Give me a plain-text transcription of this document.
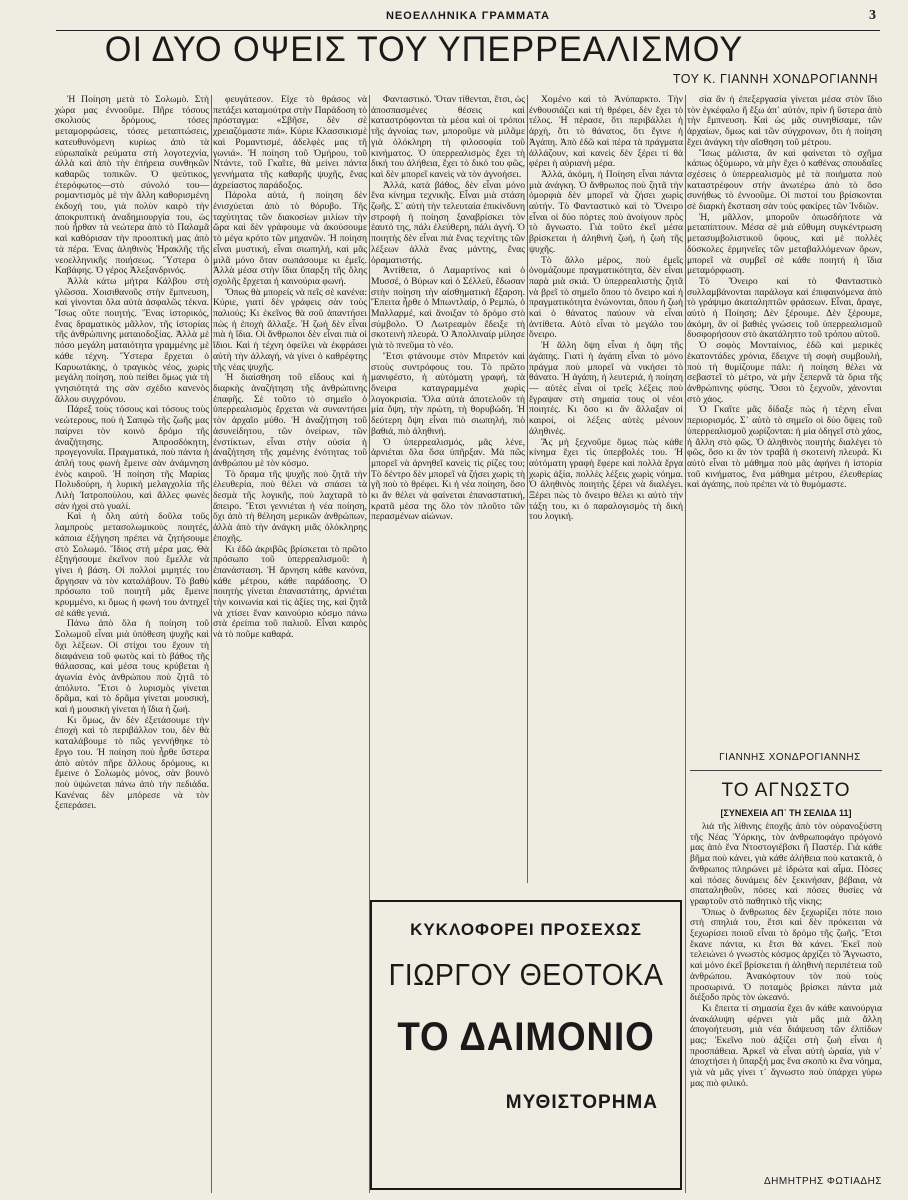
ΝΕΟΕΛΛΗΝΙΚΑ ΓΡΑΜΜΑΤΑ	3
ΟΙ ΔΥΟ ΟΨΕΙΣ ΤΟΥ ΥΠΕΡΡΕΑΛΙΣΜΟΥ
ΤΟΥ Κ. ΓΙΑΝΝΗ ΧΟΝΔΡΟΓΙΑΝΝΗ

Ἡ Ποίηση μετὰ τὸ Σολωμὸ. Στὴ χώρα μας ἐννοοῦμε. Πῆρε τόσους σκολιοὺς δρόμους, τόσες μεταμορφώσεις, τόσες μεταπτώσεις, κατευθυνόμενη κυρίως ἀπὸ τὰ εὐρωπαϊκὰ ρεύματα στὴ λογοτεχνία, ἀλλὰ καὶ ἀπὸ τὴν ἐπήρεια συνθηκῶν καθαρῶς τοπικῶν. Ὁ ψεύτικος, ἑτερόφωτος—στὸ σύνολό του—ρομαντισμὸς μὲ τὴν ἄλλη καθορισμένη ἐκδοχή του, γιὰ πολὺν καιρὸ τὴν ἀποκρυπτικὴ ἀναδημιουργία του, ὡς ποὺ ἦρθαν τὰ νεώτερα ἀπὸ τὸ Παλαμᾶ καὶ καθόρισαν τὴν προοπτική μας ἀπὸ τὰ πέρα. Ἐνας ἀληθινὸς Ἡρακλῆς τῆς νεοελληνικῆς ποιήσεως. Ὕστερα ὁ Καβάφης. Ὁ γέρος Ἀλεξανδρινός.

Ἀλλὰ κάτω μήτρα Κάλβου στὴ γλῶσσα. Χοισιθανοῦς στὴν ἔμπνευση, καὶ γίνονται ὅλα αὐτὰ ἀσφαλῶς τέκνα. Ἴσως οὔτε ποιητής. Ἕνας ἱστορικός, ἕνας δραματικὸς μᾶλλον, τῆς ἱστορίας τῆς ἀνθρώπινης ματαιοδοξίας. Ἀλλὰ μὲ πόσο μεγάλη ματαιότητα γραμμένης μὲ κάθε τέχνη. Ὕστερα ἔρχεται ὁ Καρυωτάκης, ὁ τραγικὸς νέος, χωρὶς μεγάλη ποίηση, ποὺ πείθει ὅμως γιὰ τὴ γνησιότητά της σὰν σχέδιο κανενὸς ἄλλου συγχρόνου.

Πάρεξ τοὺς τόσους καὶ τόσους τοὺς νεώτερους, ποὺ ἡ Σαπφὼ τῆς ζωῆς μας παίρνει τὸν κοινὸ δρόμο τῆς ἀναζήτησης. Ἀπροσδόκητη, προγεγονυῖα. Πραγματικά, ποὺ πάντα ἡ ἀπλή τους φωνὴ ἔμεινε σὰν ἀνάμνηση ἑνὸς καιροῦ. Ἡ ποίηση τῆς Μαρίας Πολυδούρη, ἡ λυρικὴ μελαγχολία τῆς Λιλὴ Ἰατροπούλου, καὶ ἄλλες φωνὲς σὰν ἡχοὶ στὸ γυαλί.

Καὶ ἡ ὅλη αὐτὴ δοῦλα τοῦς λαμπροὺς μετασολωμικοὺς ποιητές, κάποια ἐξήγηση πρέπει νὰ ζητήσουμε στὸ Σολωμό. Ἴδιος στὴ μέρα μας. Θὰ ἐξηγήσουμε ἐκεῖνον ποὺ ἔμελλε νὰ γίνει ἡ βάση. Οἱ πολλοὶ μιμητές του ἄργησαν νὰ τὸν καταλάβουν. Τὸ βαθὺ πρόσωπο τοῦ ποιητῆ μᾶς ἔμεινε κρυμμένο, κι ὅμως ἡ φωνή του ἀντηχεῖ σὲ κάθε γενιά.

Πάνω ἀπὸ ὅλα ἡ ποίηση τοῦ Σολωμοῦ εἶναι μιὰ ὑπόθεση ψυχῆς καὶ ὄχι λέξεων. Οἱ στίχοι του ἔχουν τὴ διαφάνεια τοῦ φωτὸς καὶ τὸ βάθος τῆς θάλασσας, καὶ μέσα τους κρύβεται ἡ ἀγωνία ἑνὸς ἀνθρώπου ποὺ ζητᾶ τὸ ἀπόλυτο. Ἔτσι ὁ λυρισμὸς γίνεται δρᾶμα, καὶ τὸ δρᾶμα γίνεται μουσική, καὶ ἡ μουσικὴ γίνεται ἡ ἴδια ἡ ζωή.

Κι ὅμως, ἂν δὲν ἐξετάσουμε τὴν ἐποχὴ καὶ τὸ περιβάλλον του, δὲν θὰ καταλάβουμε τὸ πῶς γεννήθηκε τὸ ἔργο του. Ἡ ποίηση ποὺ ἦρθε ὕστερα ἀπὸ αὐτόν πῆρε ἄλλους δρόμους, κι ἔμεινε ὁ Σολωμὸς μόνος, σὰν βουνὸ ποὺ ὑψώνεται πάνω ἀπὸ τὴν πεδιάδα. Κανένας δὲν μπόρεσε νὰ τὸν ξεπεράσει.

φευγάτεσον. Εἶχε τὸ θράσος νὰ πετάξει καταμούτρα στὴν Παράδοση τὸ πρόσταγμα: «Σβῆσε, δὲν σὲ χρειαζόμαστε πιά». Κύριε Κλασσικισμὲ καὶ Ρομαντισμέ, ἀδελφὲς μας τῆ γωνιά». Ἡ ποίηση τοῦ Ὀμήρου, τοῦ Ντάντε, τοῦ Γκαῖτε, θὰ μείνει πάντα γεννήματα τῆς καθαρῆς ψυχῆς, ἕνας ἀχρείαστος παράδοξος.

Πάρολα αὐτά, ἡ ποίηση δὲν ἐνισχύεται ἀπὸ τὸ θόρυβο. Τῆς ταχύτητας τῶν διακοσίων μιλίων τὴν ὥρα καὶ δὲν γράφουμε νὰ ἀκούσουμε τὸ μέγα κρότο τῶν μηχανῶν. Ἡ ποίηση εἶναι μυστική, εἶναι σιωπηλή, καὶ μᾶς μιλᾶ μόνο ὅταν σωπάσουμε κι ἐμεῖς. Ἀλλὰ μέσα στὴν ἴδια ὕπαρξη τῆς ὅλης σχολῆς ἔρχεται ἡ καινούρια φωνή.

Ὅπως θὰ μπορείς νὰ πεῖς σὲ κανένα: Κύριε, γιατί δὲν γράφεις σὰν τοὺς παλιούς; Κι ἐκεῖνος θὰ σοῦ ἀπαντήσει πὼς ἡ ἐποχὴ ἄλλαξε. Ἡ ζωὴ δὲν εἶναι πιὰ ἡ ἴδια. Οἱ ἄνθρωποι δὲν εἶναι πιὰ οἱ ἴδιοι. Καὶ ἡ τέχνη ὀφείλει νὰ ἐκφράσει αὐτὴ τὴν ἀλλαγή, νὰ γίνει ὁ καθρέφτης τῆς νέας ψυχῆς.

Ἡ διαίσθηση τοῦ εἴδους καὶ ἡ διαρκὴς ἀναζήτηση τῆς ἀνθρώπινης ἐπαφῆς. Σὲ τοῦτο τὸ σημεῖο ὁ ὑπερρεαλισμὸς ἔρχεται νὰ συναντήσει τὸν ἀρχαῖο μύθο. Ἡ ἀναζήτηση τοῦ ἀσυνείδητου, τῶν ὀνείρων, τῶν ἐνστίκτων, εἶναι στὴν οὐσία ἡ ἀναζήτηση τῆς χαμένης ἑνότητας τοῦ ἀνθρώπου μὲ τὸν κόσμο.

Τὸ ὅραμα τῆς ψυχῆς ποὺ ζητᾶ τὴν ἐλευθερία, ποὺ θέλει νὰ σπάσει τὰ δεσμὰ τῆς λογικῆς, ποὺ λαχταρᾶ τὸ ἄπειρο. Ἔτσι γεννιέται ἡ νέα ποίηση, ὄχι ἀπὸ τὴ θέληση μερικῶν ἀνθρώπων, ἀλλὰ ἀπὸ τὴν ἀνάγκη μιᾶς ὁλόκληρης ἐποχῆς.

Κι ἐδῶ ἀκριβῶς βρίσκεται τὸ πρῶτο πρόσωπο τοῦ ὑπερρεαλισμοῦ: ἡ ἐπανάσταση. Ἡ ἄρνηση κάθε κανόνα, κάθε μέτρου, κάθε παράδοσης. Ὁ ποιητὴς γίνεται ἐπαναστάτης, ἀρνιέται τὴν κοινωνία καὶ τὶς ἀξίες της, καὶ ζητᾶ νὰ χτίσει ἕναν καινούριο κόσμο πάνω στὰ ἐρείπια τοῦ παλιοῦ. Εἶναι καιρὸς νὰ τὸ ποῦμε καθαρά.

Φανταστικό. Ὅταν τίθενται, ἔτσι, ὡς ἀποσπασμένες θέσεις καὶ καταστρόφονται τὰ μέσα καὶ οἱ τρόποι τῆς ἀγνοίας των, μποροῦμε νὰ μιλᾶμε γιὰ ὁλόκληρη τὴ φιλοσοφία τοῦ κινήματος. Ὁ ὑπερρεαλισμὸς ἔχει τὴ δική του ἀλήθεια, ἔχει τὸ δικό του φῶς, καὶ δὲν μπορεῖ κανεὶς νὰ τὸν ἀγνοήσει.

Ἀλλά, κατὰ βάθος, δὲν εἶναι μόνο ἕνα κίνημα τεχνικῆς. Εἶναι μιὰ στάση ζωῆς. Σ᾽ αὐτὴ τὴν τελευταία ἐπικίνδυνη στροφὴ ἡ ποίηση ξαναβρίσκει τὸν ἑαυτό της, πάλι ἐλεύθερη, πάλι ἀγνή. Ὁ ποιητὴς δὲν εἶναι πιὰ ἕνας τεχνίτης τῶν λέξεων ἀλλὰ ἕνας μάντης, ἕνας ὁραματιστής.

Ἀντίθετα, ὁ Λαμαρτίνος καὶ ὁ Μυσσέ, ὁ Βύρων καὶ ὁ Σέλλεϋ, ἔδωσαν στὴν ποίηση τὴν αἰσθηματικὴ ἔξαρση. Ἔπειτα ἦρθε ὁ Μπωντλαίρ, ὁ Ρεμπώ, ὁ Μαλλαρμέ, καὶ ἄνοιξαν τὸ δρόμο στὸ σύμβολο. Ὁ Λωτρεαμὸν ἔδειξε τὴ σκοτεινὴ πλευρά. Ὁ Ἀπολλιναίρ μίλησε γιὰ τὸ πνεῦμα τὸ νέο.

Ἔτσι φτάνουμε στὸν Μπρετόν καὶ στοὺς συντρόφους του. Τὸ πρῶτο μανιφέστο, ἡ αὐτόματη γραφή, τὰ ὄνειρα καταγραμμένα χωρὶς λογοκρισία. Ὅλα αὐτὰ ἀποτελοῦν τὴ μία ὄψη, τὴν πρώτη, τὴ θορυβώδη. Ἡ δεύτερη ὄψη εἶναι πιὸ σιωπηλή, πιὸ βαθιά, πιὸ ἀληθινή.

Ὁ ὑπερρεαλισμός, μᾶς λένε, ἀρνιέται ὅλα ὅσα ὑπῆρξαν. Μὰ πῶς μπορεῖ νὰ ἀρνηθεῖ κανεὶς τὶς ρίζες του; Τὸ δέντρο δὲν μπορεῖ νὰ ζήσει χωρὶς τὴ γῆ ποὺ τὸ θρέφει. Κι ἡ νέα ποίηση, ὅσο κι ἂν θέλει νὰ φαίνεται ἐπαναστατική, κρατᾶ μέσα της ὅλο τὸν πλοῦτο τῶν περασμένων αἰώνων.

Χομένο καὶ τὸ Ἀνύπαρκτο. Τὴν ἐνθουσιάζει καὶ τὴ θρέφει, δὲν ἔχει τὸ τέλος. Ἡ πέρασε, ὅτι περιβάλλει ἡ ἀρχή, ὅτι τὸ θάνατος, ὅτι ἔγινε ἡ Ἀγάπη. Ἀπὸ ἐδῶ καὶ πέρα τὰ πράγματα ἀλλάζουν, καὶ κανεὶς δὲν ξέρει τί θὰ φέρει ἡ αὐριανὴ μέρα.

Ἀλλά, ἀκόμη, ἡ Ποίηση εἶναι πάντα μιὰ ἀνάγκη. Ὁ ἄνθρωπος ποὺ ζητᾶ τὴν ὀμορφιὰ δὲν μπορεῖ νὰ ζήσει χωρὶς αὐτήν. Τὸ Φανταστικὸ καὶ τὸ Ὄνειρο εἶναι οἱ δύο πόρτες ποὺ ἀνοίγουν πρὸς τὸ ἄγνωστο. Γιὰ τοῦτο ἐκεῖ μέσα βρίσκεται ἡ ἀληθινὴ ζωή, ἡ ζωὴ τῆς ψυχῆς.

Τὸ ἄλλο μέρος, ποὺ ἐμεῖς ὀνομάζουμε πραγματικότητα, δὲν εἶναι παρὰ μιὰ σκιά. Ὁ ὑπερρεαλιστὴς ζητᾶ νὰ βρεῖ τὸ σημεῖο ὅπου τὸ ὄνειρο καὶ ἡ πραγματικότητα ἑνώνονται, ὅπου ἡ ζωὴ καὶ ὁ θάνατος παύουν νὰ εἶναι ἀντίθετα. Αὐτὸ εἶναι τὸ μεγάλο του ὄνειρο.

Ἡ ἄλλη ὄψη εἶναι ἡ ὄψη τῆς ἀγάπης. Γιατὶ ἡ ἀγάπη εἶναι τὸ μόνο πράγμα ποὺ μπορεῖ νὰ νικήσει τὸ θάνατο. Ἡ ἀγάπη, ἡ λευτεριά, ἡ ποίηση — αὐτὲς εἶναι οἱ τρεῖς λέξεις ποὺ ἔγραψαν στὴ σημαία τους οἱ νέοι ποιητές. Κι ὅσο κι ἂν ἄλλαξαν οἱ καιροί, οἱ λέξεις αὐτὲς μένουν ἀληθινές.

Ἂς μὴ ξεχνοῦμε ὅμως πὼς κάθε κίνημα ἔχει τὶς ὑπερβολές του. Ἡ αὐτόματη γραφὴ ἔφερε καὶ πολλὰ ἔργα χωρὶς ἀξία, πολλὲς λέξεις χωρὶς νόημα. Ὁ ἀληθινὸς ποιητὴς ξέρει νὰ διαλέγει. Ξέρει πὼς τὸ ὄνειρο θέλει κι αὐτὸ τὴν τάξη του, κι ὁ παραλογισμὸς τὴ δική του λογική.

σία ἂν ἡ ἐπεξεργασία γίνεται μέσα στὸν ἴδιο τὸν ἐγκέφαλο ἢ ἔξω ἀπ᾽ αὐτόν, πρὶν ἢ ὕστερα ἀπὸ τὴν ἔμπνευση. Καὶ ὡς μᾶς συνηθίσαμε, τῶν ἀρχαίων, ὅμως καὶ τῶν σύγχρονων, ὅτι ἡ ποίηση ἔχει ἀνάγκη τὴν αἴσθηση τοῦ μέτρου.

Ἴσως μάλιστα, ἂν καὶ φαίνεται τὸ σχῆμα κάπως ὀξύμωρο, νὰ μὴν ἔχει ὁ καθένας σπουδαῖες σχέσεις ὁ ὑπερρεαλισμὸς μὲ τὰ ποιήματα ποὺ καταστρέφουν στὴν ἀνωτέρω ἀπὸ τὸ ὅσο συνήθως τὸ ἐννοοῦμε. Οἱ πιστοί του βρίσκονται σὲ διαρκὴ ἔκσταση σὰν τοὺς φακίρες τῶν Ἰνδιῶν.

Ἡ, μᾶλλον, μποροῦν ὁπωσδήποτε νὰ μεταπίπτουν. Μέσα σὲ μιὰ εὔθυμη συγκέντρωση μετασυμβολιστικοῦ ὕφους, καὶ μὲ πολλὲς δύσκολες ἑρμηνεῖες τῶν μεταβαλλόμενων ὅρων, μπορεῖ νὰ συμβεῖ σὲ κάθε ποιητή ἡ ἴδια μεταμόρφωση.

Τὸ Ὄνειρο καὶ τὸ Φανταστικὸ συλλαμβάνονται παράλογα καὶ ἐπιφαινόμενα ἀπὸ τὸ γράψιμο ἀκαταληπτῶν φράσεων. Εἶναι, ἄραγε, αὐτὸ ἡ Ποίηση; Δὲν ξέρουμε. Δὲν ξέρουμε, ἀκόμη, ἂν οἱ βαθιὲς γνώσεις τοῦ ὑπερρεαλισμοῦ δυσφορήσουν στὸ ἀκατάληπτο τοῦ τρόπου αὐτοῦ.

Ὁ σοφὸς Μονταίνιος, ἐδῶ καὶ μερικὲς ἑκατοντάδες χρόνια, ἔδειχνε τὴ σοφὴ συμβουλή, ποὺ τὴ θυμίζουμε πάλι: ἡ ποίηση θέλει νὰ σεβαστεῖ τὸ μέτρο, νὰ μὴν ξεπερνᾶ τὰ ὅρια τῆς ἀνθρώπινης φύσης. Ὅσοι τὸ ξεχνοῦν, χάνονται στὸ χάος.

Ὁ Γκαῖτε μᾶς δίδαξε πὼς ἡ τέχνη εἶναι περιορισμός. Σ᾽ αὐτὸ τὸ σημεῖο οἱ δύο ὄψεις τοῦ ὑπερρεαλισμοῦ χωρίζονται: ἡ μία ὁδηγεῖ στὸ χάος, ἡ ἄλλη στὸ φῶς. Ὁ ἀληθινὸς ποιητὴς διαλέγει τὸ φῶς, ὅσο κι ἂν τὸν τραβᾶ ἡ σκοτεινὴ πλευρά. Κι αὐτὸ εἶναι τὸ μάθημα ποὺ μᾶς ἀφήνει ἡ ἱστορία τοῦ κινήματος, ἕνα μάθημα μέτρου, ἐλευθερίας καὶ ἀγάπης, ποὺ πρέπει νὰ τὸ θυμόμαστε.

ΓΙΑΝΝΗΣ ΧΟΝΔΡΟΓΙΑΝΝΗΣ
ΤΟ ΑΓΝΩΣΤΟ
[ΣΥΝΕΧΕΙΑ ΑΠ᾽ ΤΗ ΣΕΛΙΔΑ 11]

λιά τῆς λίθινης ἐποχῆς ἀπὸ τὸν οὐρανοξύστη τῆς Νέας Ὑόρκης, τὸν ἀνθρωποφάγο πρόγονό μας ἀπὸ ἕνα Ντοστογιέβσκι ἢ Παστέρ. Γιὰ κάθε βῆμα ποὺ κάνει, γιὰ κάθε ἀλήθεια ποὺ κατακτᾶ, ὁ ἄνθρωπος πληρώνει μὲ ἱδρώτα καὶ αἷμα. Πόσες καὶ πόσες δυνάμεις δὲν ξεκινήσαν, βέβαια, νὰ σπαταληθοῦν, πόσες καὶ πόσες θυσίες νὰ γραφτοῦν στὸ παθητικὸ τῆς νίκης;

Ὅπως ὁ ἄνθρωπος δὲν ξεχωρίζει πότε ποιο στὴ σπηλιά του, ἔτσι καὶ δὲν πρόκειται νὰ ξεχωρίσει ποιοῦ εἶναι τὸ δρόμο τῆς ζωῆς. Ἔτσι ἔκανε πάντα, κι ἔτσι θὰ κάνει. Ἐκεῖ ποὺ τελειώνει ὁ γνωστὸς κόσμος ἀρχίζει τὸ Ἄγνωστο, καὶ μόνο ἐκεῖ βρίσκεται ἡ ἀληθινὴ περιπέτεια τοῦ ἀνθρώπου. Ἀνακόφτουν τὸν ποὺ τοὺς προσωρινά. Ὁ ποταμὸς βρίσκει πάντα μιὰ διέξοδο πρὸς τὸν ὠκεανό.

Κι ἔπειτα τί σημασία ἔχει ἂν κάθε καινούργια ἀνακάλυψη φέρνει γιὰ μᾶς μιὰ ἄλλη ἀπογοήτευση, μιὰ νέα διάψευση τῶν ἐλπίδων μας; Ἐκεῖνο ποὺ ἀξίζει στὴ ζωὴ εἶναι ἡ προσπάθεια. Ἀρκεῖ νὰ εἶναι αὐτὴ ὡραία, γιὰ ν᾽ ἀποχτήσει ἡ ὕπαρξή μας ἕνα σκοπὸ κι ἕνα νόημα, γιὰ νὰ μᾶς γίνει τ᾽ ἄγνωστο ποὺ ὑπάρχει γύρω μας πιὸ φιλικό.

ΔΗΜΗΤΡΗΣ ΦΩΤΙΑΔΗΣ
ΚΥΚΛΟΦΟΡΕΙ ΠΡΟΣΕΧΩΣ
ΓΙΩΡΓΟΥ ΘΕΟΤΟΚΑ
ΤΟ ΔΑΙΜΟΝΙΟ
ΜΥΘΙΣΤΟΡΗΜΑ
